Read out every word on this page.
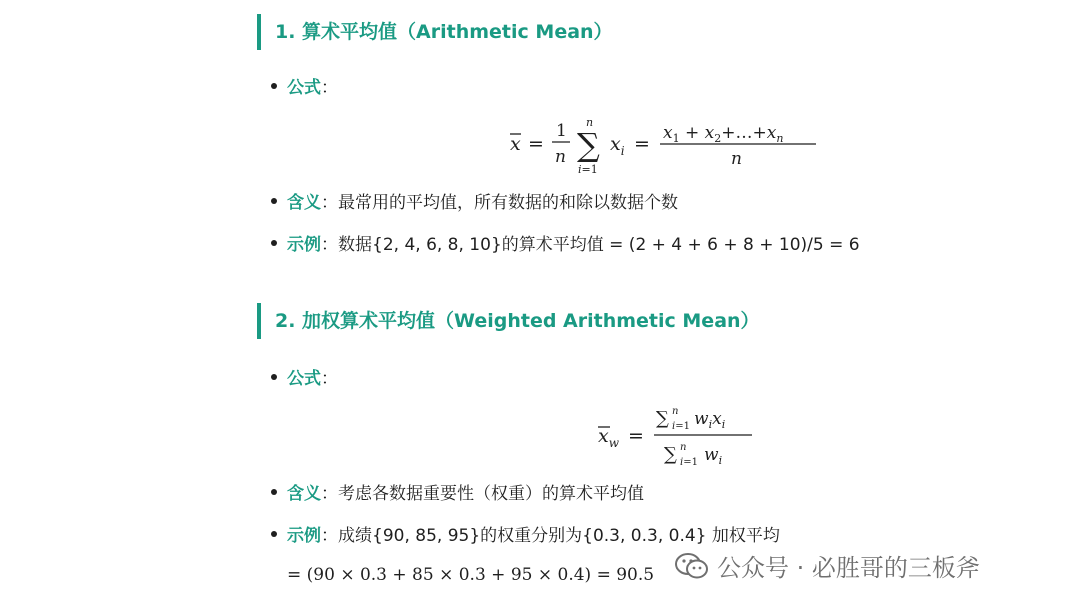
1. 算术平均值（Arithmetic Mean）
公式：
x =
1
n
n
∑
i=1
$x_i = x_1$ + $x_2+\dots+x_n$
n
含义：最常用的平均值，所有数据的和除以数据个数
示例：数据{2, 4, 6, 8, 10}的算术平均值 = (2 + 4 + 6 + 8 + 10)/5 = 6
2. 加权算术平均值（Weighted Arithmetic Mean）
公式：
$x_w$ =
∑ n
i=1 $w_ix_i$
∑ n
i=1 $w_i$
含义：考虑各数据重要性（权重）的算术平均值
示例：成绩{90, 85, 95}的权重分别为{0.3, 0.3, 0.4} 加权平均
= (90 × 0.3 + 85 × 0.3 + 95 × 0.4) = 90.5	公众号 · 必胜哥的三板斧
